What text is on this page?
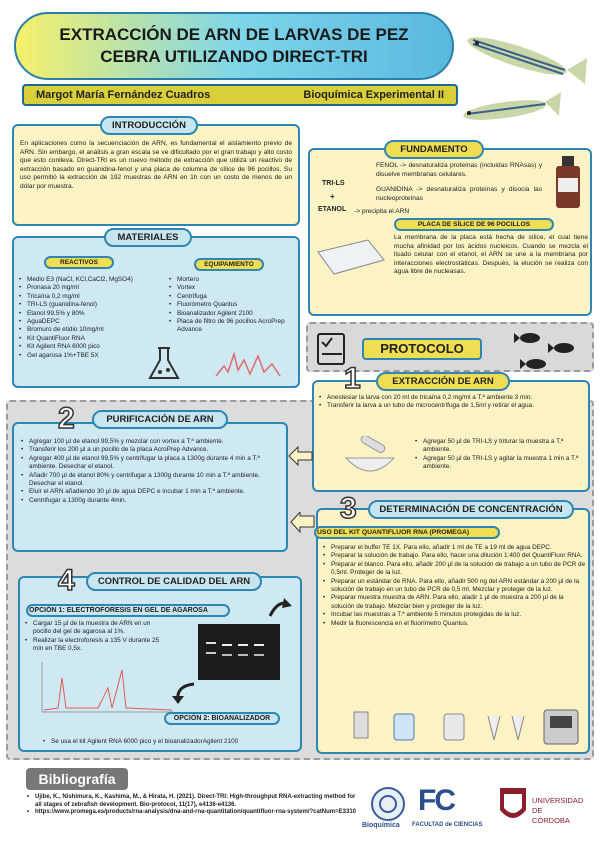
EXTRACCIÓN DE ARN DE LARVAS DE PEZ CEBRA UTILIZANDO DIRECT-TRI
Margot María Fernández Cuadros	Bioquímica Experimental II
En aplicaciones como la secuenciación de ARN, es fundamental el aislamiento previo de ARN. Sin embargo, el análisis a gran escala se ve dificultado por el gran trabajo y alto costo que esto conlleva. Direct-TRI es un nuevo método de extracción que utiliza un reactivo de extracción basado en guanidina-fenol y una placa de columna de sílice de 96 pocillos. Su uso permitió la extracción de 192 muestras de ARN en 1h con un costo de menos de un dólar por muestra.
INTRODUCCIÓN
REACTIVOS	EQUIPAMIENTO
• Medio E3 (NaCl, KCl,CaCl2, MgSO4)
• Pronasa 20 mg/ml
• Tricaína 0,2 mg/ml
• TRI-LS (guanidina-fenol)
• Etanol 99,5% y 80%
• AguaDEPC
• Bromuro de etidio 10mg/ml
• Kit QuantiFluor RNA
• Kit Agilent RNA 6000 pico
• Gel agarosa 1%+TBE 5X
• Mortero
• Vortex
• Centrífuga
• Fluorómetro Quantus
• Bioanalizador Agilent 2100
• Placa de filtro de 96 pocillos AcroPrep Advance
MATERIALES
TRI-LS
+
ETANOL
FENOL -> desnaturaliza proteínas (incluidas RNAsas) y disuelve membranas celulares.
GUANIDINA -> desnaturaliza proteínas y disocia las nucleoproteínas
-> precipita el ARN
PLACA DE SÍLICE DE 96 POCILLOS
La membrana de la placa está hecha de sílice, el cual tiene mucha afinidad por los ácidos nucleicos. Cuando se mezcla el lisado celular con el etanol, el ARN se une a la membrana por interacciones electrostáticas. Después, la elución se realiza con agua libre de nucleasas.
FUNDAMENTO
PROTOCOLO
• Anestesiar la larva con 20 ml de tricaína 0,2 mg/ml a T.ª ambiente 3 min.
• Transferir la larva a un tubo de microcentrífuga de 1,5ml y retirar el agua.
• Agregar 50 µl de TRI-LS y triturar la muestra a T.ª ambiente.
• Agregar 50 µl de TRI-LS y agitar la muestra 1 min a T.ª ambiente.
1	EXTRACCIÓN DE ARN
• Agregar 100 µl de etanol 99,5% y mezclar con vortex a T.ª ambiente.
• Transferir los 200 µl a un pocillo de la placa AcroPrep Advance.
• Agregar 400 µl de etanol 99,5% y centrifugar la placa a 1300g durante 4 min a T.ª ambiente. Desechar el etanol.
• Añadir 700 µl de etanol 80% y centrifugar a 1300g durante 10 min a T.ª ambiente. Desechar el etanol.
• Eluir el ARN añadiendo 30 µl de agua DEPC e incubar 1 min a T.ª ambiente.
• Centrifugar a 1300g durante 4min.
2	PURIFICACIÓN DE ARN
USO DEL KIT QUANTIFLUOR RNA (PROMEGA)
• Preparar el buffer TE 1X. Para ello, añadir 1 ml de TE a 19 ml de agua DEPC.
• Preparar la solución de trabajo. Para ello, hacer una dilución 1:400 del QuantiFluor RNA.
• Preparar el blanco. Para ello, añadir 200 µl de la solución de trabajo a un tubo de PCR de 0,5ml. Proteger de la luz.
• Preparar un estándar de RNA. Para ello, añadir 500 ng del ARN estándar a 200 µl de la solución de trabajo en un tubo de PCR de 0,5 ml. Mezclar y proteger de la luz.
• Preparar muestra muestra de ARN. Para ello, aladir 1 µl de muestra a 200 µl de la solución de trabajo. Mezclar bien y proteger de la luz.
• Incubar las muestras a T.ª ambiente 5 minutos protegidas de la luz.
• Medir la fluorescencia en el fluorímetro Quantus.
3	DETERMINACIÓN DE CONCENTRACIÓN
OPCIÓN 1: ELECTROFORESIS EN GEL DE AGAROSA
• Cargar 15 µl de la muestra de ARN en un pocillo del gel de agarosa al 1%.
• Realizar la electroforesis a 135 V durante 25 min en TBE 0,5x.
OPCIÓN 2: BIOANALIZADOR
• Se usa el kit Agilent RNA 6000 pico y el bioanalizadorAgilent 2100
4	CONTROL DE CALIDAD DEL ARN
Bibliografía
• Ujibe, K., Nishimura, K., Kashima, M., & Hirata, H. (2021). Direct-TRI: High-throughput RNA-extracting method for all stages of zebrafish development. Bio-protocol, 11(17), e4136-e4136.
• https://www.promega.es/products/rna-analysis/dna-and-rna-quantitation/quantifluor-rna-system/?catNum=E3310
Bioquímica
FC
FACULTAD de CIENCIAS
UNIVERSIDAD
DE
CÓRDOBA
